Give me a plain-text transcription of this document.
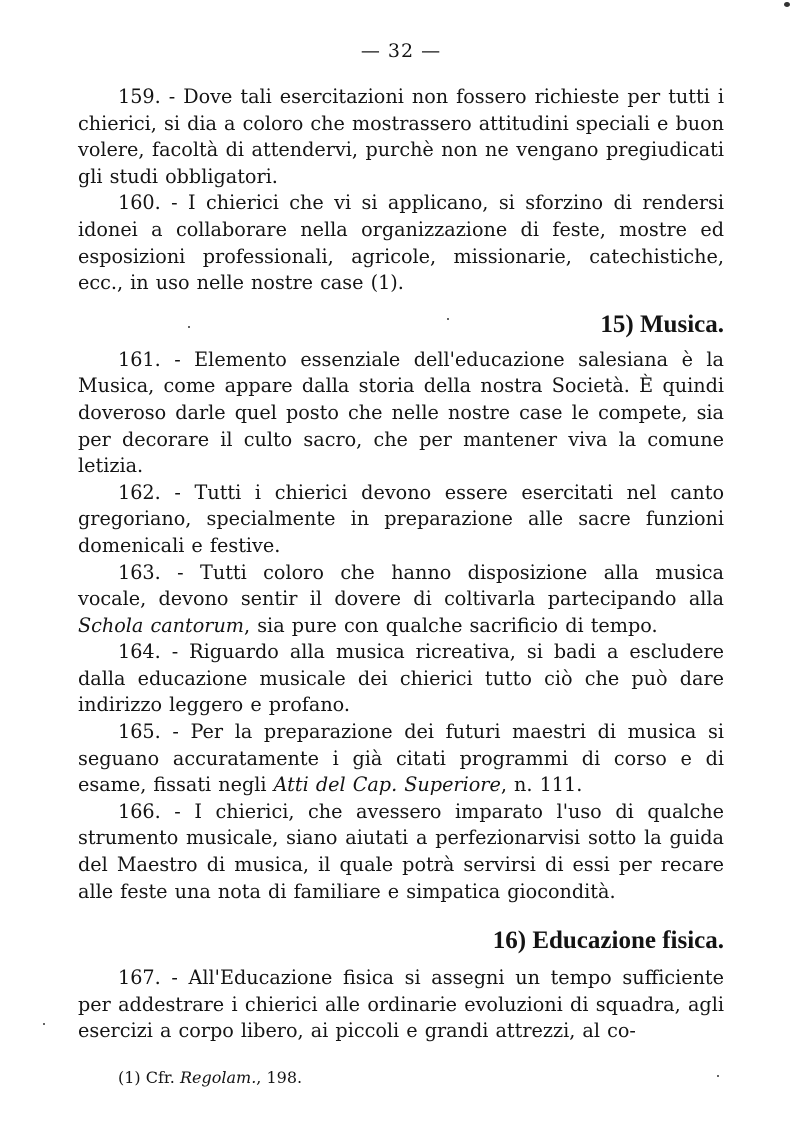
— 32 —

159. - Dove tali esercitazioni non fossero richieste per tutti i chierici, si dia a coloro che mostrassero attitudini speciali e buon volere, facoltà di attendervi, purchè non ne vengano pregiudicati gli studi obbligatori.

160. - I chierici che vi si applicano, si sforzino di rendersi idonei a collaborare nella organizzazione di feste, mostre ed esposizioni professionali, agricole, missionarie, catechistiche, ecc., in uso nelle nostre case (1).

15) Musica.

161. - Elemento essenziale dell'educazione salesiana è la Musica, come appare dalla storia della nostra Società. È quindi doveroso darle quel posto che nelle nostre case le compete, sia per decorare il culto sacro, che per mantener viva la comune letizia.

162. - Tutti i chierici devono essere esercitati nel canto gregoriano, specialmente in preparazione alle sacre funzioni domenicali e festive.

163. - Tutti coloro che hanno disposizione alla musica vocale, devono sentir il dovere di coltivarla partecipando alla Schola cantorum, sia pure con qualche sacrificio di tempo.

164. - Riguardo alla musica ricreativa, si badi a escludere dalla educazione musicale dei chierici tutto ciò che può dare indirizzo leggero e profano.

165. - Per la preparazione dei futuri maestri di musica si seguano accuratamente i già citati programmi di corso e di esame, fissati negli Atti del Cap. Superiore, n. 111.

166. - I chierici, che avessero imparato l'uso di qualche strumento musicale, siano aiutati a perfezionarvisi sotto la guida del Maestro di musica, il quale potrà servirsi di essi per recare alle feste una nota di familiare e simpatica giocondità.

16) Educazione fisica.

167. - All'Educazione fisica si assegni un tempo sufficiente per addestrare i chierici alle ordinarie evoluzioni di squadra, agli esercizi a corpo libero, ai piccoli e grandi attrezzi, al co-

(1) Cfr. Regolam., 198.
